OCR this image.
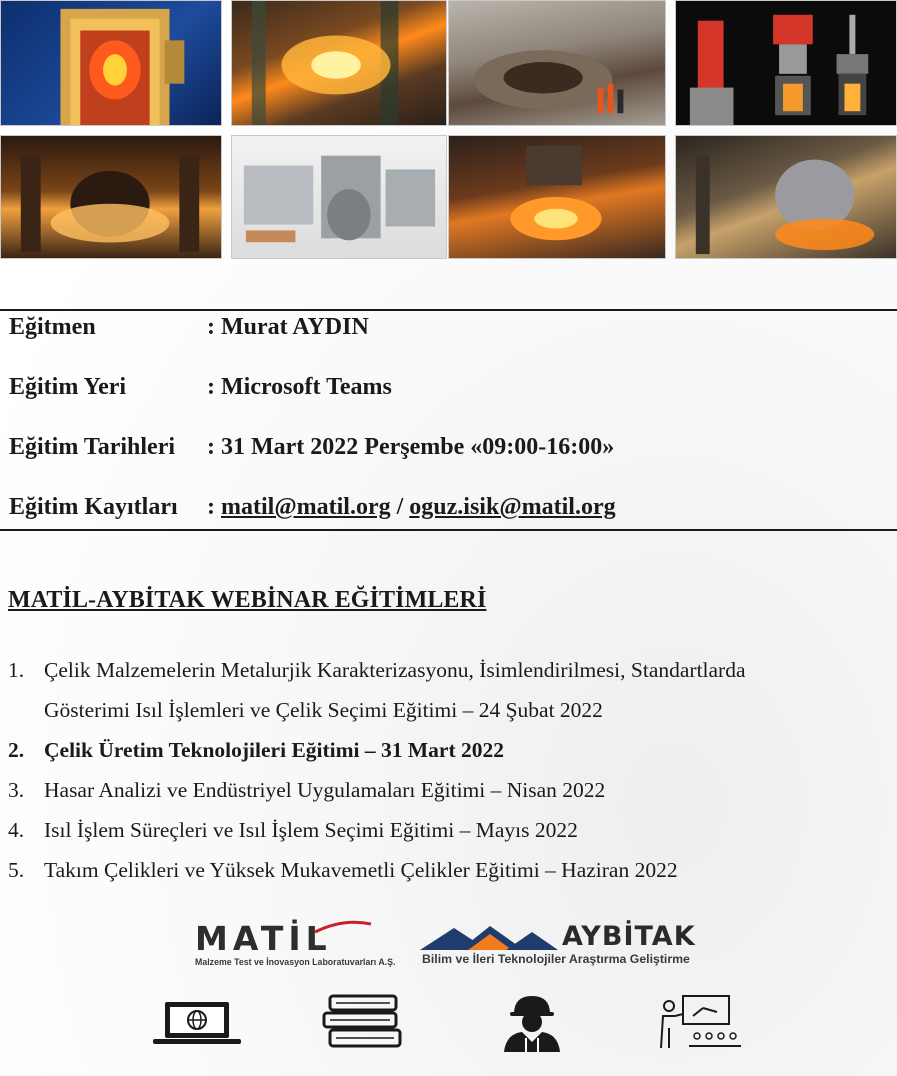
Eğitmen	: Murat AYDIN
Eğitim Yeri	: Microsoft Teams
Eğitim Tarihleri : 31 Mart 2022 Perşembe «09:00-16:00»
Eğitim Kayıtları : matil@matil.org / oguz.isik@matil.org
MATİL-AYBİTAK WEBİNAR EĞİTİMLERİ
1. Çelik Malzemelerin Metalurjik Karakterizasyonu, İsimlendirilmesi, Standartlarda
Gösterimi Isıl İşlemleri ve Çelik Seçimi Eğitimi – 24 Şubat 2022
2. Çelik Üretim Teknolojileri Eğitimi – 31 Mart 2022
3. Hasar Analizi ve Endüstriyel Uygulamaları Eğitimi – Nisan 2022
4. Isıl İşlem Süreçleri ve Isıl İşlem Seçimi Eğitimi – Mayıs 2022
5. Takım Çelikleri ve Yüksek Mukavemetli Çelikler Eğitimi – Haziran 2022
MATİL
Malzeme Test ve İnovasyon Laboratuvarları A.Ş.
AYBİTAK
Bilim ve İleri Teknolojiler Araştırma Geliştirme
